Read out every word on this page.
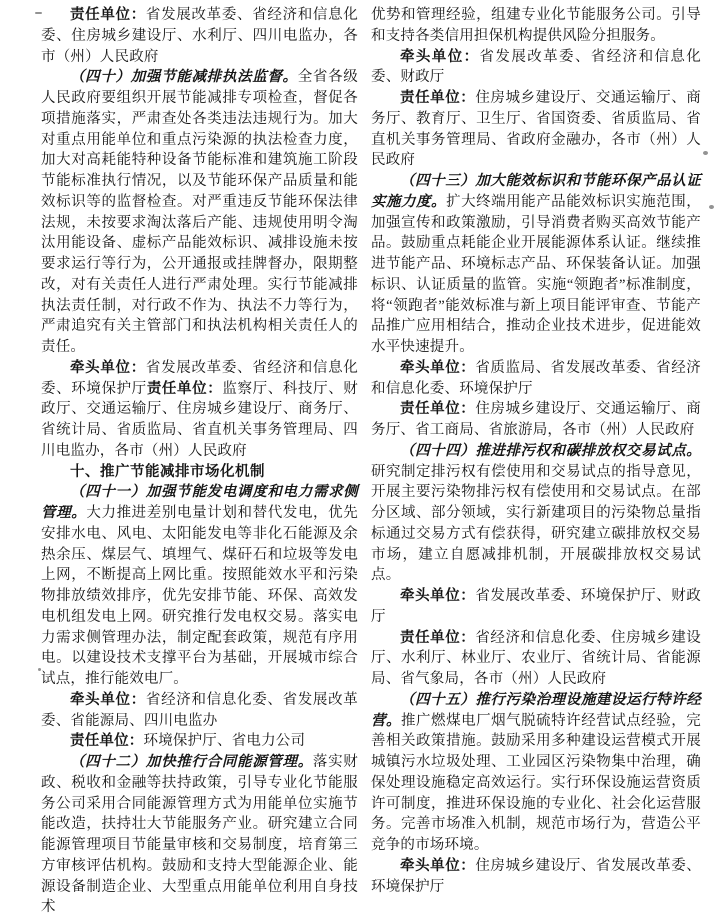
责任单位：省发展改革委、省经济和信息化委、住房城乡建设厅、水利厅、四川电监办，各市（州）人民政府

（四十）加强节能减排执法监督。全省各级人民政府要组织开展节能减排专项检查，督促各项措施落实，严肃查处各类违法违规行为。加大对重点用能单位和重点污染源的执法检查力度，加大对高耗能特种设备节能标准和建筑施工阶段节能标准执行情况，以及节能环保产品质量和能效标识等的监督检查。对严重违反节能环保法律法规，未按要求淘汰落后产能、违规使用明令淘汰用能设备、虚标产品能效标识、减排设施未按要求运行等行为，公开通报或挂牌督办，限期整改，对有关责任人进行严肃处理。实行节能减排执法责任制，对行政不作为、执法不力等行为，严肃追究有关主管部门和执法机构相关责任人的责任。

牵头单位：省发展改革委、省经济和信息化委、环境保护厅责任单位：监察厅、科技厅、财政厅、交通运输厅、住房城乡建设厅、商务厅、省统计局、省质监局、省直机关事务管理局、四川电监办，各市（州）人民政府

十、推广节能减排市场化机制

（四十一）加强节能发电调度和电力需求侧管理。大力推进差别电量计划和替代发电，优先安排水电、风电、太阳能发电等非化石能源及余热余压、煤层气、填埋气、煤矸石和垃圾等发电上网，不断提高上网比重。按照能效水平和污染物排放绩效排序，优先安排节能、环保、高效发电机组发电上网。研究推行发电权交易。落实电力需求侧管理办法，制定配套政策，规范有序用电。以建设技术支撑平台为基础，开展城市综合试点，推行能效电厂。

牵头单位：省经济和信息化委、省发展改革委、省能源局、四川电监办

责任单位：环境保护厅、省电力公司

（四十二）加快推行合同能源管理。落实财政、税收和金融等扶持政策，引导专业化节能服务公司采用合同能源管理方式为用能单位实施节能改造，扶持壮大节能服务产业。研究建立合同能源管理项目节能量审核和交易制度，培育第三方审核评估机构。鼓励和支持大型能源企业、能源设备制造企业、大型重点用能单位利用自身技术

优势和管理经验，组建专业化节能服务公司。引导和支持各类信用担保机构提供风险分担服务。

牵头单位：省发展改革委、省经济和信息化委、财政厅

责任单位：住房城乡建设厅、交通运输厅、商务厅、教育厅、卫生厅、省国资委、省质监局、省直机关事务管理局、省政府金融办，各市（州）人民政府

（四十三）加大能效标识和节能环保产品认证实施力度。扩大终端用能产品能效标识实施范围，加强宣传和政策激励，引导消费者购买高效节能产品。鼓励重点耗能企业开展能源体系认证。继续推进节能产品、环境标志产品、环保装备认证。加强标识、认证质量的监管。实施“领跑者”标准制度，将“领跑者”能效标准与新上项目能评审查、节能产品推广应用相结合，推动企业技术进步，促进能效水平快速提升。

牵头单位：省质监局、省发展改革委、省经济和信息化委、环境保护厅

责任单位：住房城乡建设厅、交通运输厅、商务厅、省工商局、省旅游局，各市（州）人民政府

（四十四）推进排污权和碳排放权交易试点。研究制定排污权有偿使用和交易试点的指导意见，开展主要污染物排污权有偿使用和交易试点。在部分区域、部分领域，实行新建项目的污染物总量指标通过交易方式有偿获得，研究建立碳排放权交易市场，建立自愿减排机制，开展碳排放权交易试点。

牵头单位：省发展改革委、环境保护厅、财政厅

责任单位：省经济和信息化委、住房城乡建设厅、水利厅、林业厅、农业厅、省统计局、省能源局、省气象局，各市（州）人民政府

（四十五）推行污染治理设施建设运行特许经营。推广燃煤电厂烟气脱硫特许经营试点经验，完善相关政策措施。鼓励采用多种建设运营模式开展城镇污水垃圾处理、工业园区污染物集中治理，确保处理设施稳定高效运行。实行环保设施运营资质许可制度，推进环保设施的专业化、社会化运营服务。完善市场准入机制，规范市场行为，营造公平竞争的市场环境。

牵头单位：住房城乡建设厅、省发展改革委、环境保护厅
